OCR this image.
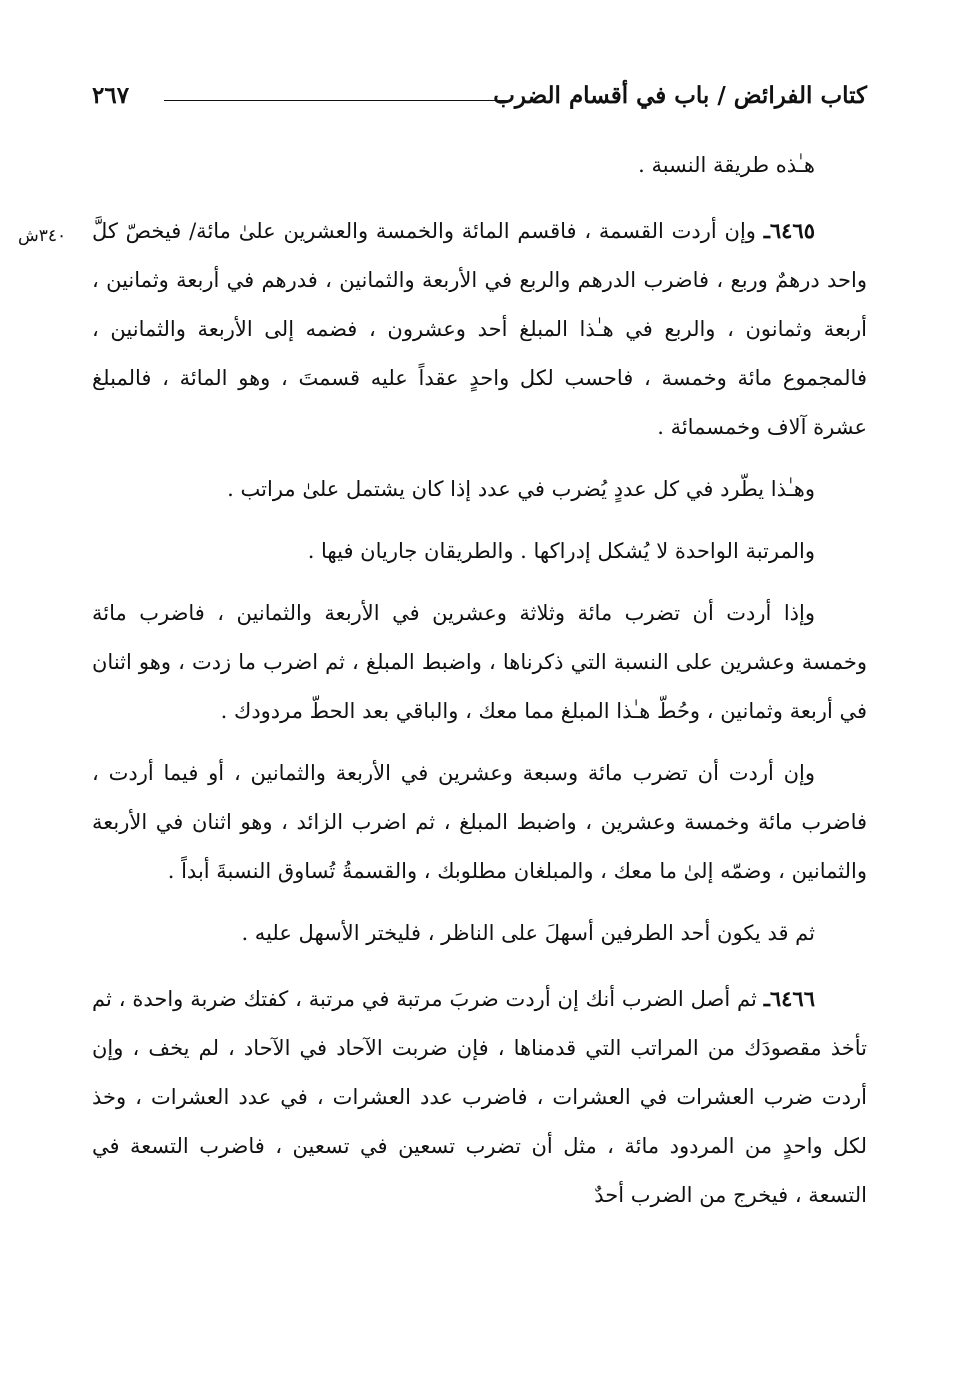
كتاب الفرائض / باب في أقسام الضرب
٢٦٧
٣٤٠ش

هـٰذه طريقة النسبة .

٦٤٦٥ـ وإن أردت القسمة ، فاقسم المائة والخمسة والعشرين علىٰ مائة/ فيخصّ كلَّ واحد درهمٌ وربع ، فاضرب الدرهم والربع في الأربعة والثمانين ، فدرهم في أربعة وثمانين ، أربعة وثمانون ، والربع في هـٰذا المبلغ أحد وعشرون ، فضمه إلى الأربعة والثمانين ، فالمجموع مائة وخمسة ، فاحسب لكل واحدٍ عقداً عليه قسمتَ ، وهو المائة ، فالمبلغ عشرة آلاف وخمسمائة .

وهـٰذا يطّرد في كل عددٍ يُضرب في عدد إذا كان يشتمل علىٰ مراتب .

والمرتبة الواحدة لا يُشكل إدراكها . والطريقان جاريان فيها .

وإذا أردت أن تضرب مائة وثلاثة وعشرين في الأربعة والثمانين ، فاضرب مائة وخمسة وعشرين على النسبة التي ذكرناها ، واضبط المبلغ ، ثم اضرب ما زدت ، وهو اثنان في أربعة وثمانين ، وحُطّ هـٰذا المبلغ مما معك ، والباقي بعد الحطّ مردودك .

وإن أردت أن تضرب مائة وسبعة وعشرين في الأربعة والثمانين ، أو فيما أردت ، فاضرب مائة وخمسة وعشرين ، واضبط المبلغ ، ثم اضرب الزائد ، وهو اثنان في الأربعة والثمانين ، وضمّه إلىٰ ما معك ، والمبلغان مطلوبك ، والقسمةُ تُساوق النسبةَ أبداً .

ثم قد يكون أحد الطرفين أسهلَ على الناظر ، فليختر الأسهل عليه .

٦٤٦٦ـ ثم أصل الضرب أنك إن أردت ضربَ مرتبة في مرتبة ، كفتك ضربة واحدة ، ثم تأخذ مقصودَك من المراتب التي قدمناها ، فإن ضربت الآحاد في الآحاد ، لم يخف ، وإن أردت ضرب العشرات في العشرات ، فاضرب عدد العشرات ، في عدد العشرات ، وخذ لكل واحدٍ من المردود مائة ، مثل أن تضرب تسعين في تسعين ، فاضرب التسعة في التسعة ، فيخرج من الضرب أحدٌ
